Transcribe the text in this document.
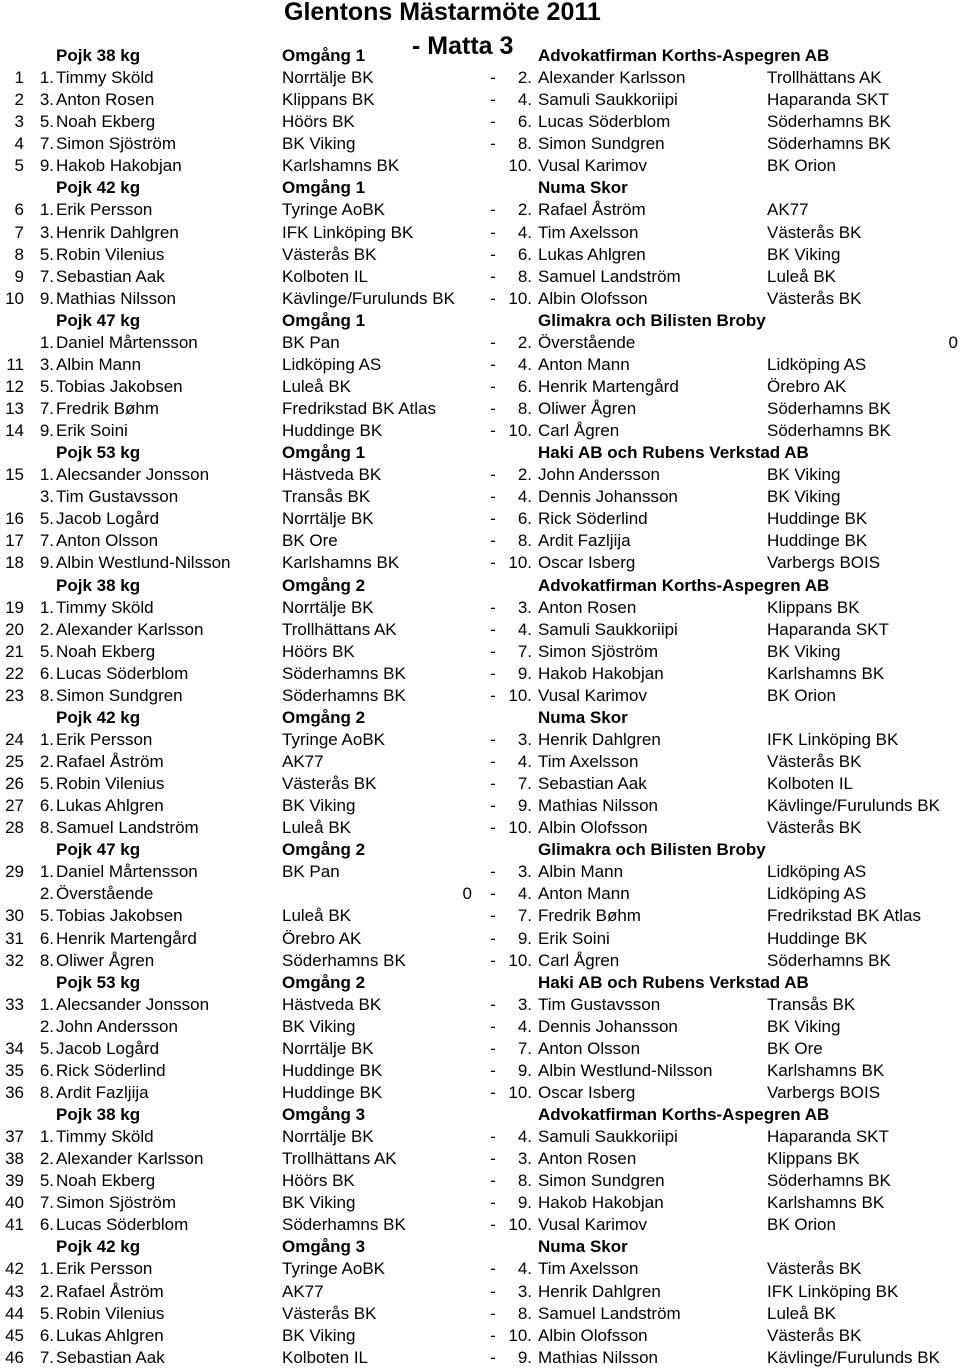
Glentons Mästarmöte 2011
- Matta 3
Pojk 38 kg	Omgång 1	Advokatfirman Korths-Aspegren AB
1 1. Timmy Sköld	Norrtälje BK	-	2. Alexander Karlsson	Trollhättans AK
2 3. Anton Rosen	Klippans BK	-	4. Samuli Saukkoriipi	Haparanda SKT
3 5. Noah Ekberg	Höörs BK	-	6. Lucas Söderblom	Söderhamns BK
4 7. Simon Sjöström	BK Viking	-	8. Simon Sundgren	Söderhamns BK
5 9. Hakob Hakobjan	Karlshamns BK	10. Vusal Karimov	BK Orion
Pojk 42 kg	Omgång 1	Numa Skor
6 1. Erik Persson	Tyringe AoBK	-	2. Rafael Åström	AK77
7 3. Henrik Dahlgren	IFK Linköping BK	-	4. Tim Axelsson	Västerås BK
8 5. Robin Vilenius	Västerås BK	-	6. Lukas Ahlgren	BK Viking
9 7. Sebastian Aak	Kolboten IL	-	8. Samuel Landström	Luleå BK
10 9. Mathias Nilsson	Kävlinge/Furulunds BK - 10. Albin Olofsson	Västerås BK
Pojk 47 kg	Omgång 1	Glimakra och Bilisten Broby
1. Daniel Mårtensson	BK Pan	-	2. Överstående	0
11 3. Albin Mann	Lidköping AS	-	4. Anton Mann	Lidköping AS
12 5. Tobias Jakobsen	Luleå BK	-	6. Henrik Martengård	Örebro AK
13 7. Fredrik Bøhm	Fredrikstad BK Atlas	-	8. Oliwer Ågren	Söderhamns BK
14 9. Erik Soini	Huddinge BK	- 10. Carl Ågren	Söderhamns BK
Pojk 53 kg	Omgång 1	Haki AB och Rubens Verkstad AB
15 1. Alecsander Jonsson	Hästveda BK	-	2. John Andersson	BK Viking
3. Tim Gustavsson	Transås BK	-	4. Dennis Johansson	BK Viking
16 5. Jacob Logård	Norrtälje BK	-	6. Rick Söderlind	Huddinge BK
17 7. Anton Olsson	BK Ore	-	8. Ardit Fazljija	Huddinge BK
18 9. Albin Westlund-Nilsson	Karlshamns BK	- 10. Oscar Isberg	Varbergs BOIS
Pojk 38 kg	Omgång 2	Advokatfirman Korths-Aspegren AB
19 1. Timmy Sköld	Norrtälje BK	-	3. Anton Rosen	Klippans BK
20 2. Alexander Karlsson	Trollhättans AK	-	4. Samuli Saukkoriipi	Haparanda SKT
21 5. Noah Ekberg	Höörs BK	-	7. Simon Sjöström	BK Viking
22 6. Lucas Söderblom	Söderhamns BK	-	9. Hakob Hakobjan	Karlshamns BK
23 8. Simon Sundgren	Söderhamns BK	- 10. Vusal Karimov	BK Orion
Pojk 42 kg	Omgång 2	Numa Skor
24 1. Erik Persson	Tyringe AoBK	-	3. Henrik Dahlgren	IFK Linköping BK
25 2. Rafael Åström	AK77	-	4. Tim Axelsson	Västerås BK
26 5. Robin Vilenius	Västerås BK	-	7. Sebastian Aak	Kolboten IL
27 6. Lukas Ahlgren	BK Viking	-	9. Mathias Nilsson	Kävlinge/Furulunds BK
28 8. Samuel Landström	Luleå BK	- 10. Albin Olofsson	Västerås BK
Pojk 47 kg	Omgång 2	Glimakra och Bilisten Broby
29 1. Daniel Mårtensson	BK Pan	-	3. Albin Mann	Lidköping AS
2. Överstående	0 -	4. Anton Mann	Lidköping AS
30 5. Tobias Jakobsen	Luleå BK	-	7. Fredrik Bøhm	Fredrikstad BK Atlas
31 6. Henrik Martengård	Örebro AK	-	9. Erik Soini	Huddinge BK
32 8. Oliwer Ågren	Söderhamns BK	- 10. Carl Ågren	Söderhamns BK
Pojk 53 kg	Omgång 2	Haki AB och Rubens Verkstad AB
33 1. Alecsander Jonsson	Hästveda BK	-	3. Tim Gustavsson	Transås BK
2. John Andersson	BK Viking	-	4. Dennis Johansson	BK Viking
34 5. Jacob Logård	Norrtälje BK	-	7. Anton Olsson	BK Ore
35 6. Rick Söderlind	Huddinge BK	-	9. Albin Westlund-Nilsson	Karlshamns BK
36 8. Ardit Fazljija	Huddinge BK	- 10. Oscar Isberg	Varbergs BOIS
Pojk 38 kg	Omgång 3	Advokatfirman Korths-Aspegren AB
37 1. Timmy Sköld	Norrtälje BK	-	4. Samuli Saukkoriipi	Haparanda SKT
38 2. Alexander Karlsson	Trollhättans AK	-	3. Anton Rosen	Klippans BK
39 5. Noah Ekberg	Höörs BK	-	8. Simon Sundgren	Söderhamns BK
40 7. Simon Sjöström	BK Viking	-	9. Hakob Hakobjan	Karlshamns BK
41 6. Lucas Söderblom	Söderhamns BK	- 10. Vusal Karimov	BK Orion
Pojk 42 kg	Omgång 3	Numa Skor
42 1. Erik Persson	Tyringe AoBK	-	4. Tim Axelsson	Västerås BK
43 2. Rafael Åström	AK77	-	3. Henrik Dahlgren	IFK Linköping BK
44 5. Robin Vilenius	Västerås BK	-	8. Samuel Landström	Luleå BK
45 6. Lukas Ahlgren	BK Viking	- 10. Albin Olofsson	Västerås BK
46 7. Sebastian Aak	Kolboten IL	-	9. Mathias Nilsson	Kävlinge/Furulunds BK
